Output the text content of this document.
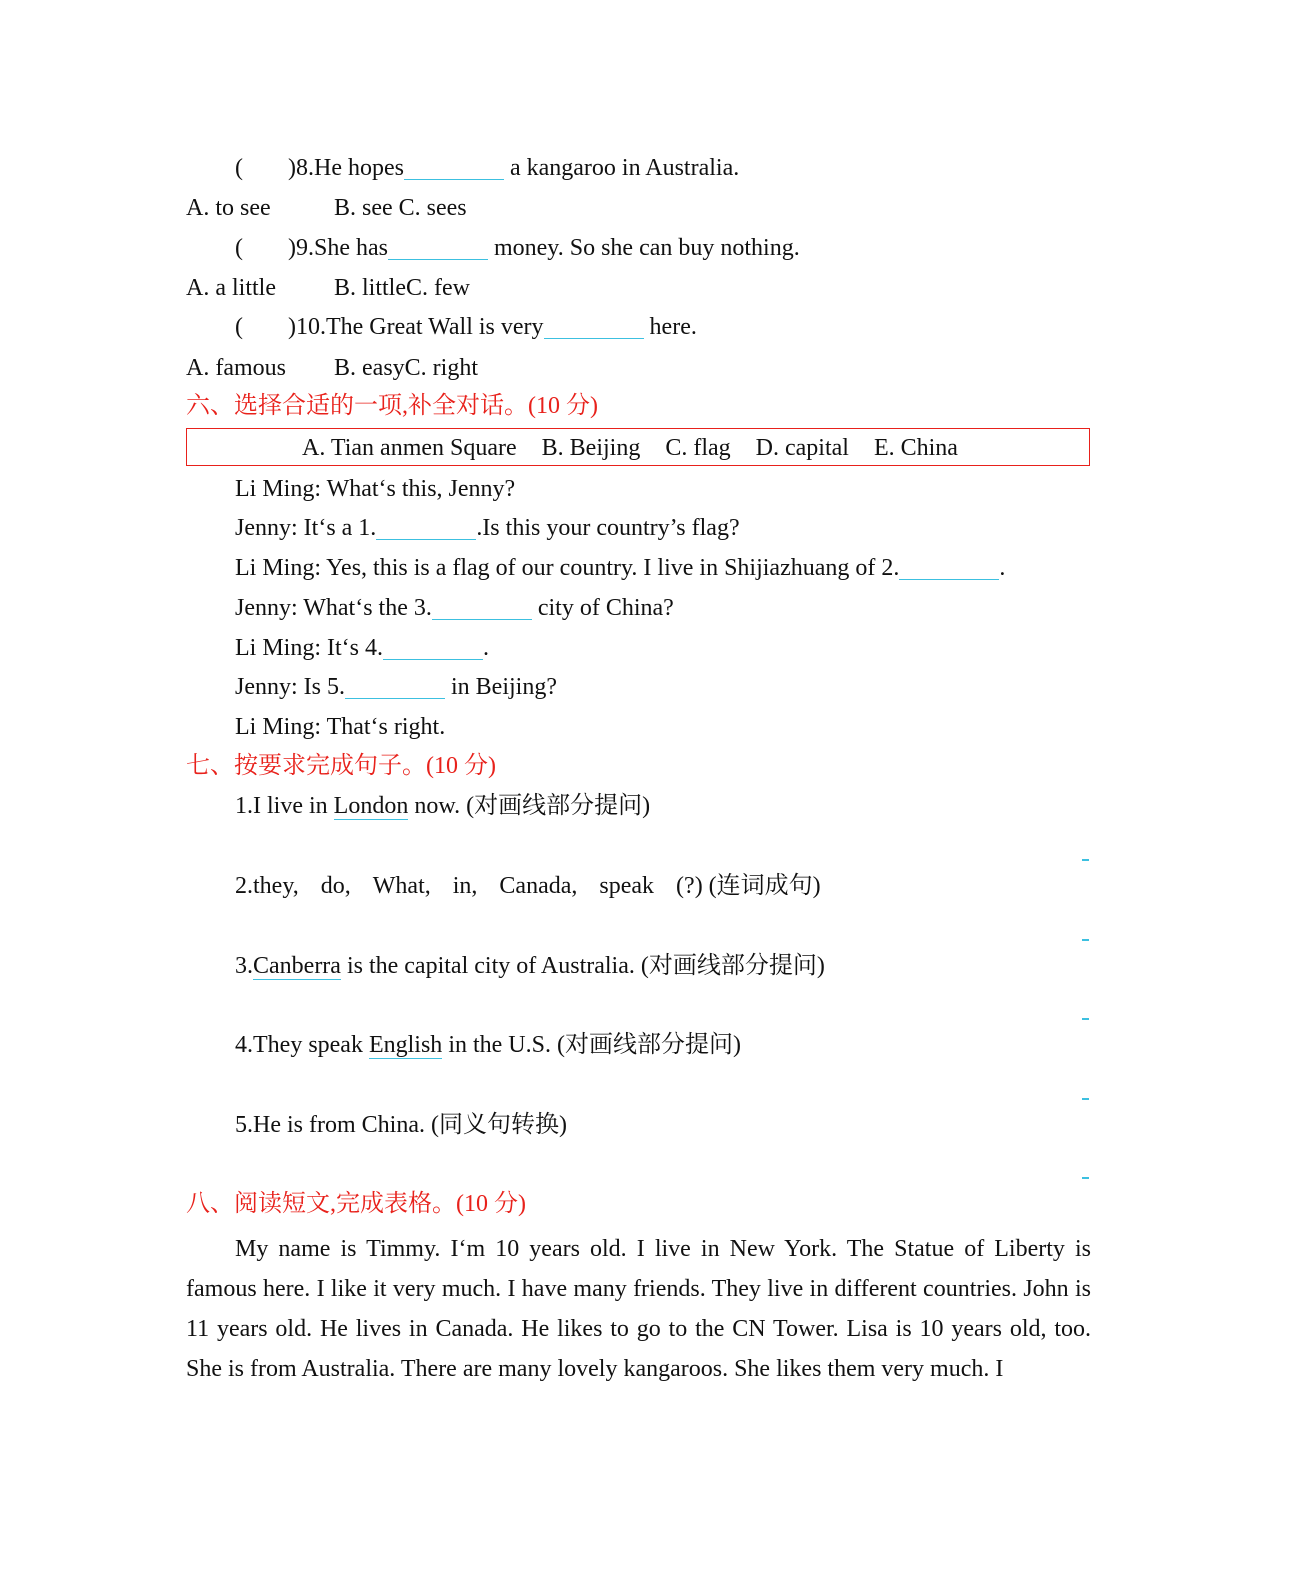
( )8.He hopes	a kangaroo in Australia.
A. to see	B. see C. sees
( )9.She has	money. So she can buy nothing.
A. a little B. littleC. few
( )10.The Great Wall is very	here.
A. famous B. easyC. right
六、选择合适的一项,补全对话。(10 分)
A. Tian anmen Square B. Beijing C. flag D. capital E. China
Li Ming: What‘s this, Jenny?
Jenny: It‘s a 1.	.Is this your country’s flag?
Li Ming: Yes, this is a flag of our country. I live in Shijiazhuang of 2.	.
Jenny: What‘s the 3.	city of China?
Li Ming: It‘s 4.	.
Jenny: Is 5.	in Beijing?
Li Ming: That‘s right.
七、按要求完成句子。(10 分)
1.I live in London now. (对画线部分提问)
2.they, do, What, in, Canada, speak (?) (连词成句)
3.Canberra is the capital city of Australia. (对画线部分提问)
4.They speak English in the U.S. (对画线部分提问)
5.He is from China. (同义句转换)
八、阅读短文,完成表格。(10 分)
My name is Timmy. I‘m 10 years old. I live in New York. The Statue of Liberty is famous here. I like it very much. I have many friends. They live in different countries. John is 11 years old. He lives in Canada. He likes to go to the CN Tower. Lisa is 10 years old, too. She is from Australia. There are many lovely kangaroos. She likes them very much. I
